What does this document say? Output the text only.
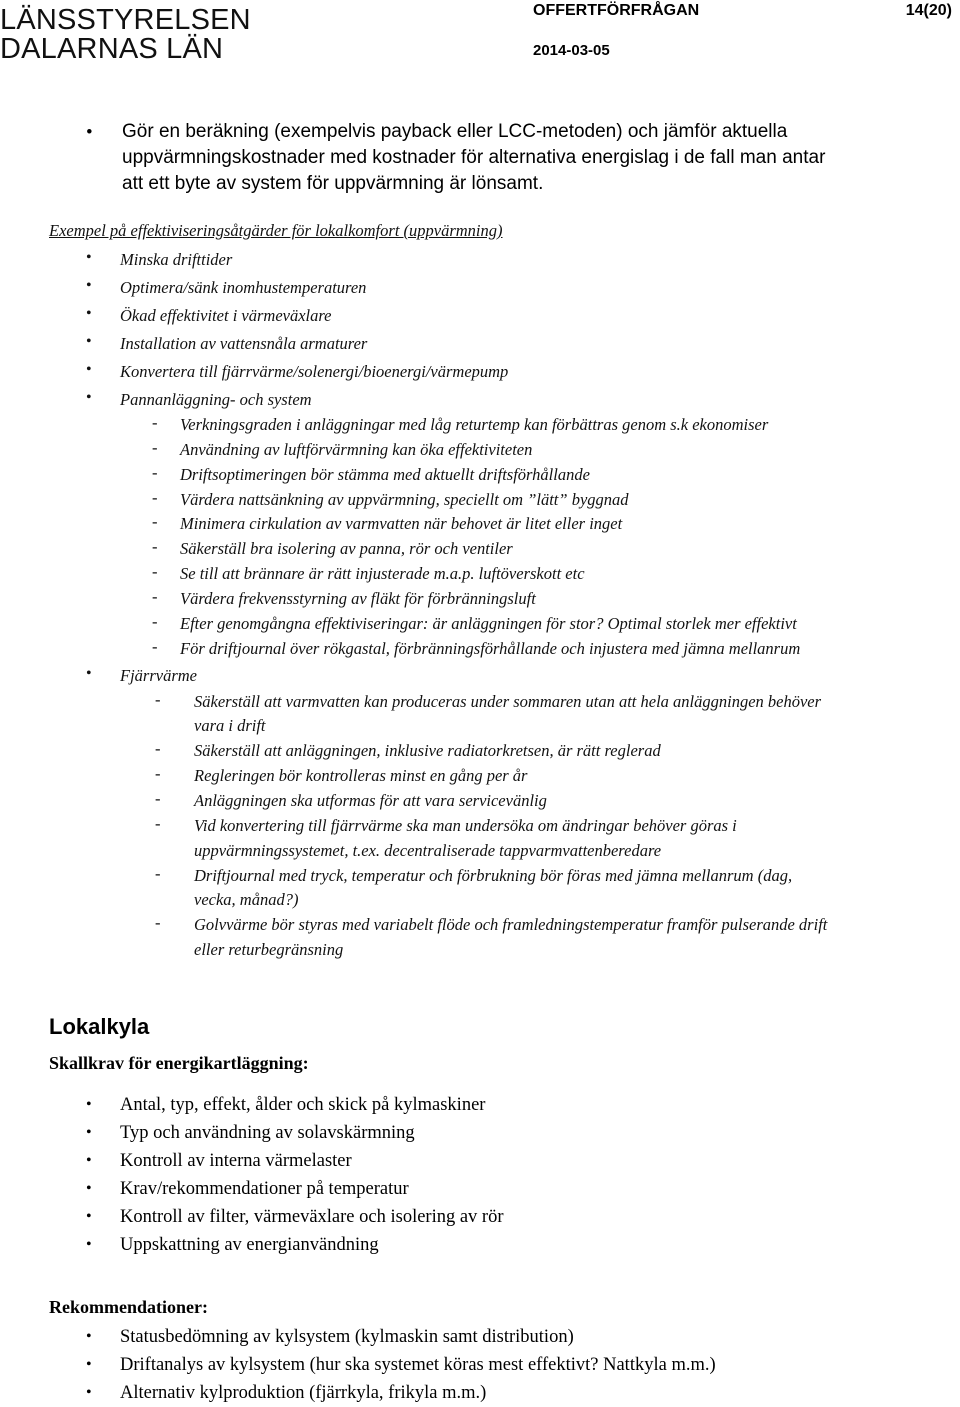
LÄNSSTYRELSEN
DALARNAS LÄN
OFFERTFÖRFRÅGAN	14(20)
2014-03-05
• Gör en beräkning (exempelvis payback eller LCC-metoden) och jämför aktuella uppvärmningskostnader med kostnader för alternativa energislag i de fall man antar att ett byte av system för uppvärmning är lönsamt.
Exempel på effektiviseringsåtgärder för lokalkomfort (uppvärmning)
• Minska drifttider
• Optimera/sänk inomhustemperaturen
• Ökad effektivitet i värmeväxlare
• Installation av vattensnåla armaturer
• Konvertera till fjärrvärme/solenergi/bioenergi/värmepump
• Pannanläggning- och system
- Verkningsgraden i anläggningar med låg returtemp kan förbättras genom s.k ekonomiser
- Användning av luftförvärmning kan öka effektiviteten
- Driftsoptimeringen bör stämma med aktuellt driftsförhållande
- Värdera nattsänkning av uppvärmning, speciellt om ”lätt” byggnad
- Minimera cirkulation av varmvatten när behovet är litet eller inget
- Säkerställ bra isolering av panna, rör och ventiler
- Se till att brännare är rätt injusterade m.a.p. luftöverskott etc
- Värdera frekvensstyrning av fläkt för förbränningsluft
- Efter genomgångna effektiviseringar: är anläggningen för stor? Optimal storlek mer effektivt
- För driftjournal över rökgastal, förbränningsförhållande och injustera med jämna mellanrum
• Fjärrvärme
- Säkerställ att varmvatten kan produceras under sommaren utan att hela anläggningen behöver
vara i drift
- Säkerställ att anläggningen, inklusive radiatorkretsen, är rätt reglerad
- Regleringen bör kontrolleras minst en gång per år
- Anläggningen ska utformas för att vara servicevänlig
- Vid konvertering till fjärrvärme ska man undersöka om ändringar behöver göras i
uppvärmningssystemet, t.ex. decentraliserade tappvarmvattenberedare
- Driftjournal med tryck, temperatur och förbrukning bör föras med jämna mellanrum (dag,
vecka, månad?)
- Golvvärme bör styras med variabelt flöde och framledningstemperatur framför pulserande drift
eller returbegränsning
Lokalkyla
Skallkrav för energikartläggning:
• Antal, typ, effekt, ålder och skick på kylmaskiner
• Typ och användning av solavskärmning
• Kontroll av interna värmelaster
• Krav/rekommendationer på temperatur
• Kontroll av filter, värmeväxlare och isolering av rör
• Uppskattning av energianvändning
Rekommendationer:
• Statusbedömning av kylsystem (kylmaskin samt distribution)
• Driftanalys av kylsystem (hur ska systemet köras mest effektivt? Nattkyla m.m.)
• Alternativ kylproduktion (fjärrkyla, frikyla m.m.)
